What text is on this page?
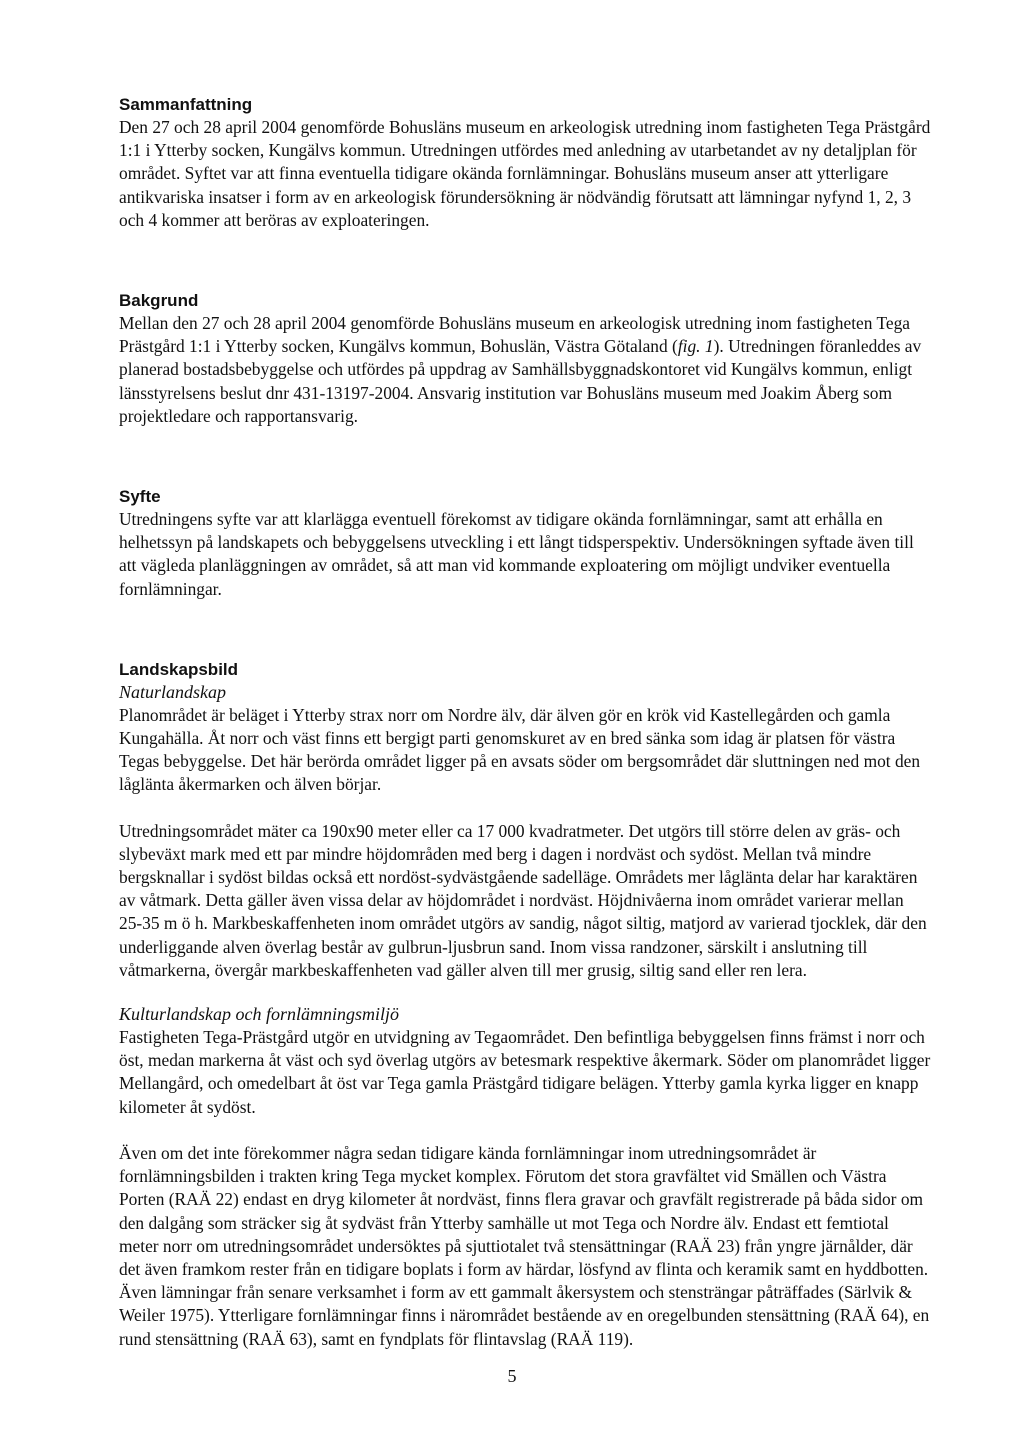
Sammanfattning

Den 27 och 28 april 2004 genomförde Bohusläns museum en arkeologisk utredning inom fastigheten Tega Prästgård 1:1 i Ytterby socken, Kungälvs kommun. Utredningen utfördes med anledning av utarbetandet av ny detaljplan för området. Syftet var att finna eventuella tidigare okända fornlämningar. Bohusläns museum anser att ytterligare antikvariska insatser i form av en arkeologisk förundersökning är nödvändig förutsatt att lämningar nyfynd 1, 2, 3 och 4 kommer att beröras av exploateringen.

Bakgrund

Mellan den 27 och 28 april 2004 genomförde Bohusläns museum en arkeologisk utredning inom fastigheten Tega Prästgård 1:1 i Ytterby socken, Kungälvs kommun, Bohuslän, Västra Götaland (fig. 1). Utredningen föranleddes av planerad bostadsbebyggelse och utfördes på uppdrag av Samhällsbyggnadskontoret vid Kungälvs kommun, enligt länsstyrelsens beslut dnr 431-13197-2004. Ansvarig institution var Bohusläns museum med Joakim Åberg som projektledare och rapportansvarig.

Syfte

Utredningens syfte var att klarlägga eventuell förekomst av tidigare okända fornlämningar, samt att erhålla en helhetssyn på landskapets och bebyggelsens utveckling i ett långt tidsperspektiv. Undersökningen syftade även till att vägleda planläggningen av området, så att man vid kommande exploatering om möjligt undviker eventuella fornlämningar.

Landskapsbild
Naturlandskap

Planområdet är beläget i Ytterby strax norr om Nordre älv, där älven gör en krök vid Kastellegården och gamla Kungahälla. Åt norr och väst finns ett bergigt parti genomskuret av en bred sänka som idag är platsen för västra Tegas bebyggelse. Det här berörda området ligger på en avsats söder om bergsområdet där sluttningen ned mot den låglänta åkermarken och älven börjar.

Utredningsområdet mäter ca 190x90 meter eller ca 17 000 kvadratmeter. Det utgörs till större delen av gräs- och slybeväxt mark med ett par mindre höjdområden med berg i dagen i nordväst och sydöst. Mellan två mindre bergsknallar i sydöst bildas också ett nordöst-sydvästgående sadelläge. Områdets mer låglänta delar har karaktären av våtmark. Detta gäller även vissa delar av höjdområdet i nordväst. Höjdnivåerna inom området varierar mellan 25-35 m ö h. Markbeskaffenheten inom området utgörs av sandig, något siltig, matjord av varierad tjocklek, där den underliggande alven överlag består av gulbrun-ljusbrun sand. Inom vissa randzoner, särskilt i anslutning till våtmarkerna, övergår markbeskaffenheten vad gäller alven till mer grusig, siltig sand eller ren lera.

Kulturlandskap och fornlämningsmiljö

Fastigheten Tega-Prästgård utgör en utvidgning av Tegaområdet. Den befintliga bebyggelsen finns främst i norr och öst, medan markerna åt väst och syd överlag utgörs av betesmark respektive åkermark. Söder om planområdet ligger Mellangård, och omedelbart åt öst var Tega gamla Prästgård tidigare belägen. Ytterby gamla kyrka ligger en knapp kilometer åt sydöst.

Även om det inte förekommer några sedan tidigare kända fornlämningar inom utredningsområdet är fornlämningsbilden i trakten kring Tega mycket komplex. Förutom det stora gravfältet vid Smällen och Västra Porten (RAÄ 22) endast en dryg kilometer åt nordväst, finns flera gravar och gravfält registrerade på båda sidor om den dalgång som sträcker sig åt sydväst från Ytterby samhälle ut mot Tega och Nordre älv. Endast ett femtiotal meter norr om utredningsområdet undersöktes på sjuttiotalet två stensättningar (RAÄ 23) från yngre järnålder, där det även framkom rester från en tidigare boplats i form av härdar, lösfynd av flinta och keramik samt en hyddbotten. Även lämningar från senare verksamhet i form av ett gammalt åkersystem och stensträngar påträffades (Särlvik & Weiler 1975). Ytterligare fornlämningar finns i närområdet bestående av en oregelbunden stensättning (RAÄ 64), en rund stensättning (RAÄ 63), samt en fyndplats för flintavslag (RAÄ 119).

5
